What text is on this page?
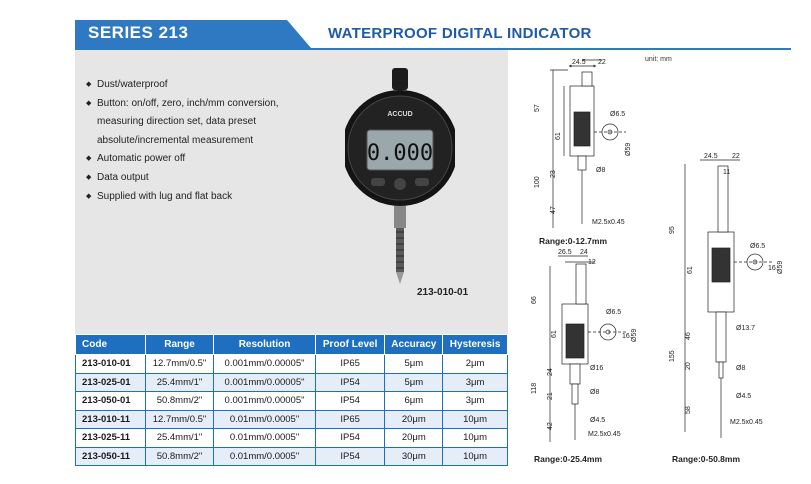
SERIES 213	WATERPROOF DIGITAL INDICATOR
◆ Dust/waterproof
◆ Button: on/off, zero, inch/mm conversion,
measuring direction set, data preset
absolute/incremental measurement
◆ Automatic power off
◆ Data output
◆ Supplied with lug and flat back
ACCUD
0.000
213-010-01
Code	Range	Resolution	Proof Level	Accuracy	Hysteresis
213-010-01	12.7mm/0.5"	0.001mm/0.00005"	IP65	5μm	2μm
213-025-01	25.4mm/1"	0.001mm/0.00005"	IP54	5μm	3μm
213-050-01	50.8mm/2"	0.001mm/0.00005"	IP54	6μm	3μm
213-010-11	12.7mm/0.5"	0.01mm/0.0005"	IP65	20μm	10μm
213-025-11	25.4mm/1"	0.01mm/0.0005"	IP54	20μm	10μm
213-050-11	50.8mm/2"	0.01mm/0.0005"	IP54	30μm	10μm
unit: mm
24.5 22
57
61
100
23
47
Ø6.5
Ø59
Ø8
M2.5x0.45
Range:0-12.7mm
26.5 24
12
66
61
118
24
21
42
Ø6.5
16 Ø59
Ø16
Ø8
Ø4.5
M2.5x0.45
Range:0-25.4mm
24.5 22
11
95
61
155
46
20
58
Ø6.5
16 Ø59
Ø13.7
Ø8
Ø4.5
M2.5x0.45
Range:0-50.8mm
